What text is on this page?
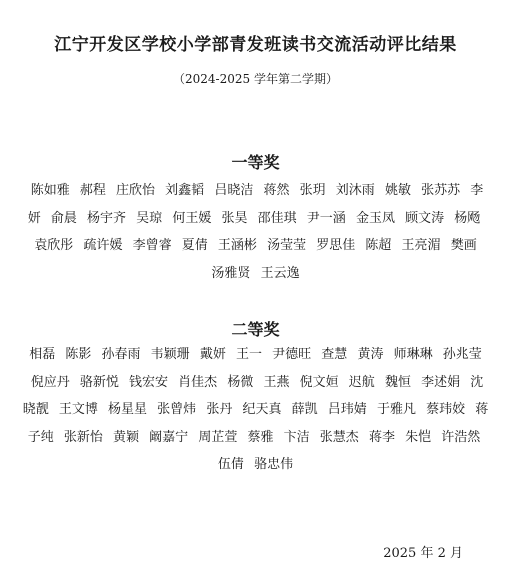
江宁开发区学校小学部青发班读书交流活动评比结果

（2024-2025 学年第二学期）

一等奖
陈如雅 郝程 庄欣怡 刘鑫韬 吕晓洁 蒋然 张玥 刘沐雨 姚敏 张苏苏 李妍 俞晨 杨宇齐 吴琼 何王媛 张昊 邵佳琪 尹一涵 金玉凤 顾文涛 杨飏 袁欣彤 疏许媛 李曾睿 夏倩 王涵彬 汤莹莹 罗思佳 陈超 王亮湄 樊画 汤雅贤 王云逸
二等奖
相磊 陈影 孙春雨 韦颖珊 戴妍 王一 尹德旺 查慧 黄涛 师琳琳 孙兆莹 倪应丹 骆新悦 钱宏安 肖佳杰 杨微 王燕 倪文姮 迟航 魏恒 李述娟 沈晓靓 王文博 杨星星 张曾炜 张丹 纪天真 薛凯 吕玮婧 于雅凡 蔡玮姣 蒋子纯 张新怡 黄颖 阚嘉宁 周芷萱 蔡雅 卞洁 张慧杰 蒋李 朱恺 许浩然 伍倩 骆忠伟

2025 年 2 月
